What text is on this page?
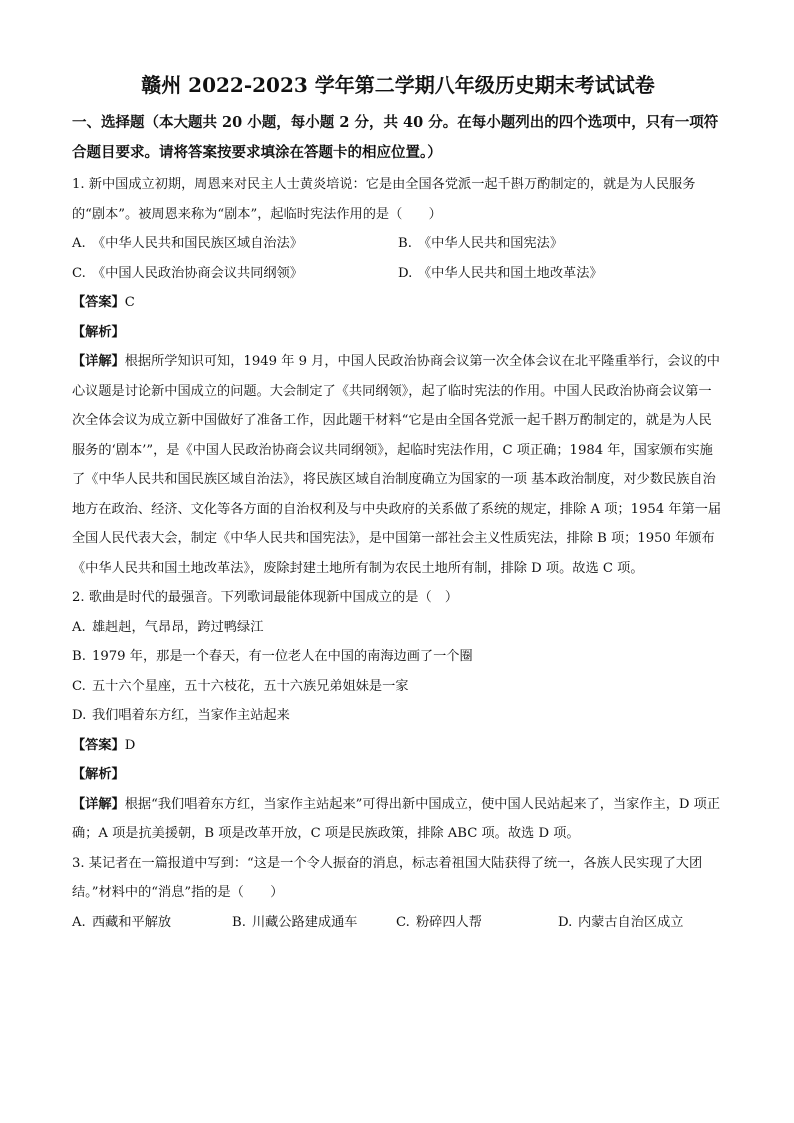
赣州 2022-2023 学年第二学期八年级历史期末考试试卷
一、选择题（本大题共 20 小题，每小题 2 分，共 40 分。在每小题列出的四个选项中，只有一项符合题目要求。请将答案按要求填涂在答题卡的相应位置。）

1. 新中国成立初期，周恩来对民主人士黄炎培说：它是由全国各党派一起千斟万酌制定的，就是为人民服务的“剧本”。被周恩来称为“剧本”，起临时宪法作用的是（　　）

A. 《中华人民共和国民族区域自治法》	B. 《中华人民共和国宪法》
C. 《中国人民政治协商会议共同纲领》	D. 《中华人民共和国土地改革法》

【答案】C

【解析】

【详解】根据所学知识可知，1949 年 9 月，中国人民政治协商会议第一次全体会议在北平隆重举行，会议的中心议题是讨论新中国成立的问题。大会制定了《共同纲领》，起了临时宪法的作用。中国人民政治协商会议第一次全体会议为成立新中国做好了准备工作，因此题干材料“它是由全国各党派一起千斟万酌制定的，就是为人民服务的‘剧本’”，是《中国人民政治协商会议共同纲领》，起临时宪法作用，C 项正确；1984 年，国家颁布实施了《中华人民共和国民族区域自治法》，将民族区域自治制度确立为国家的一项 基本政治制度，对少数民族自治地方在政治、经济、文化等各方面的自治权利及与中央政府的关系做了系统的规定，排除 A 项；1954 年第一届全国人民代表大会，制定《中华人民共和国宪法》，是中国第一部社会主义性质宪法，排除 B 项；1950 年颁布《中华人民共和国土地改革法》，废除封建土地所有制为农民土地所有制，排除 D 项。故选 C 项。

2. 歌曲是时代的最强音。下列歌词最能体现新中国成立的是（　）

A. 雄赳赳，气昂昂，跨过鸭绿江

B. 1979 年，那是一个春天，有一位老人在中国的南海边画了一个圈

C. 五十六个星座，五十六枝花，五十六族兄弟姐妹是一家

D. 我们唱着东方红，当家作主站起来

【答案】D

【解析】

【详解】根据“我们唱着东方红，当家作主站起来”可得出新中国成立，使中国人民站起来了，当家作主，D 项正确；A 项是抗美援朝，B 项是改革开放，C 项是民族政策，排除 ABC 项。故选 D 项。

3. 某记者在一篇报道中写到：“这是一个令人振奋的消息，标志着祖国大陆获得了统一，各族人民实现了大团结。”材料中的“消息”指的是（　　）

A. 西藏和平解放	B. 川藏公路建成通车	C. 粉碎四人帮	D. 内蒙古自治区成立
